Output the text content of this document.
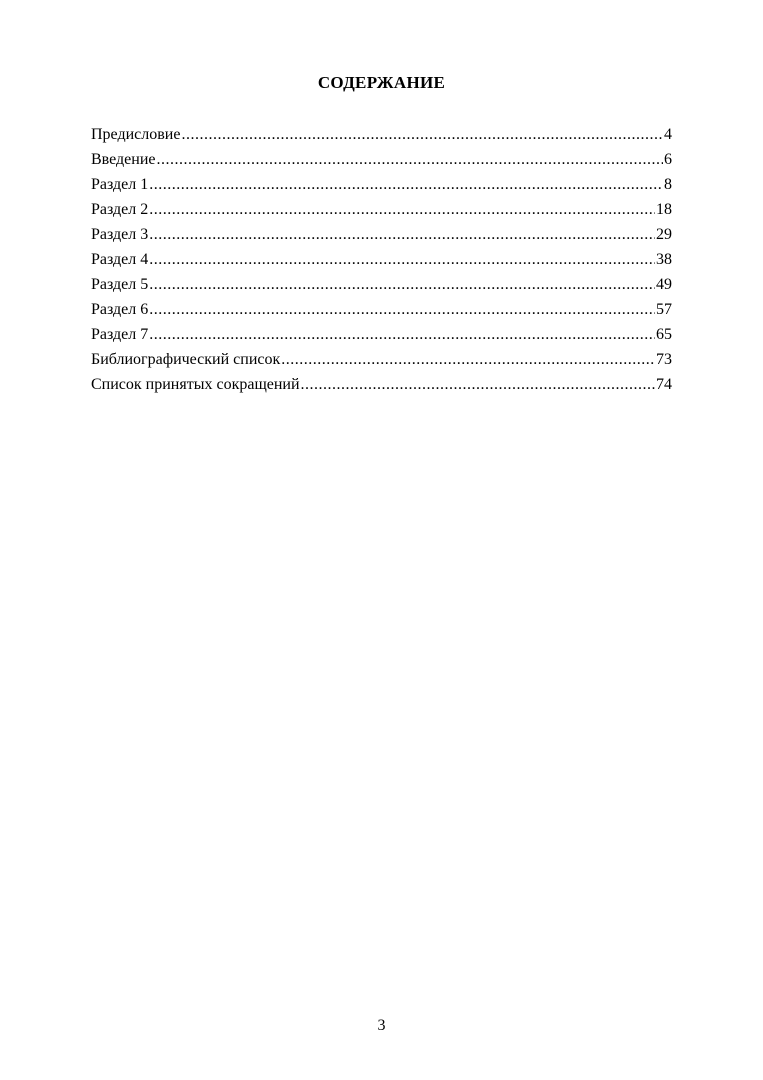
СОДЕРЖАНИЕ
Предисловие .....	4
Введение .....	6
Раздел 1 .....	8
Раздел 2 .....	18
Раздел 3 .....	29
Раздел 4 .....	38
Раздел 5 .....	49
Раздел 6 .....	57
Раздел 7 .....	65
Библиографический список .....	73
Список принятых сокращений .....	74
3
